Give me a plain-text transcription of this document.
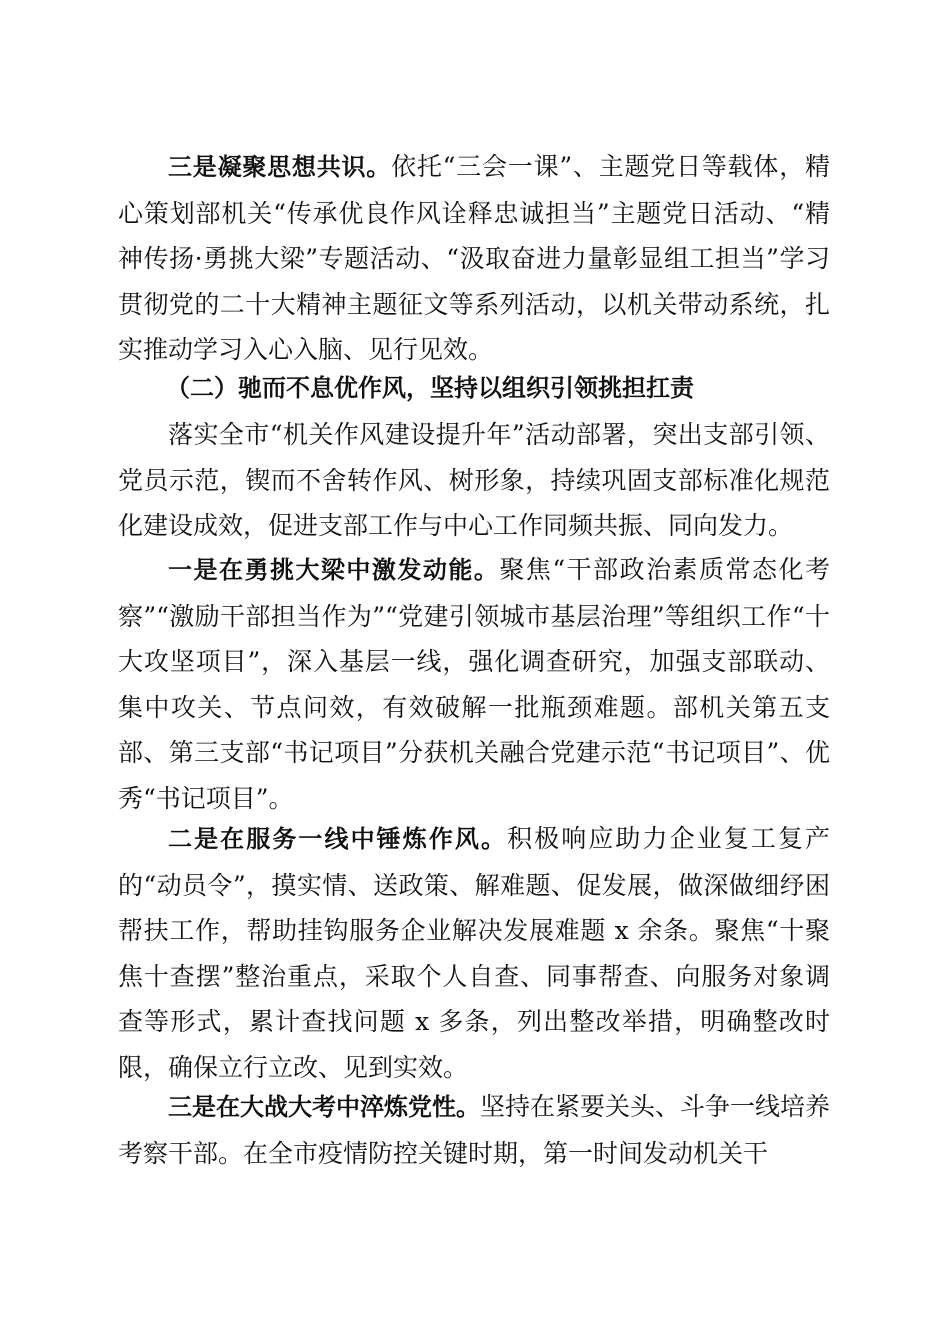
三是凝聚思想共识。依托“三会一课”、主题党日等载体，精心策划部机关“传承优良作风诠释忠诚担当”主题党日活动、“精神传扬·勇挑大梁”专题活动、“汲取奋进力量彰显组工担当”学习贯彻党的二十大精神主题征文等系列活动，以机关带动系统，扎实推动学习入心入脑、见行见效。

（二）驰而不息优作风，坚持以组织引领挑担扛责

落实全市“机关作风建设提升年”活动部署，突出支部引领、党员示范，锲而不舍转作风、树形象，持续巩固支部标准化规范化建设成效，促进支部工作与中心工作同频共振、同向发力。

一是在勇挑大梁中激发动能。聚焦“干部政治素质常态化考察”“激励干部担当作为”“党建引领城市基层治理”等组织工作“十大攻坚项目”，深入基层一线，强化调查研究，加强支部联动、集中攻关、节点问效，有效破解一批瓶颈难题。部机关第五支部、第三支部“书记项目”分获机关融合党建示范“书记项目”、优秀“书记项目”。

二是在服务一线中锤炼作风。积极响应助力企业复工复产的“动员令”，摸实情、送政策、解难题、促发展，做深做细纾困帮扶工作，帮助挂钩服务企业解决发展难题 x 余条。聚焦“十聚焦十查摆”整治重点，采取个人自查、同事帮查、向服务对象调查等形式，累计查找问题 x 多条，列出整改举措，明确整改时限，确保立行立改、见到实效。

三是在大战大考中淬炼党性。坚持在紧要关头、斗争一线培养考察干部。在全市疫情防控关键时期，第一时间发动机关干
